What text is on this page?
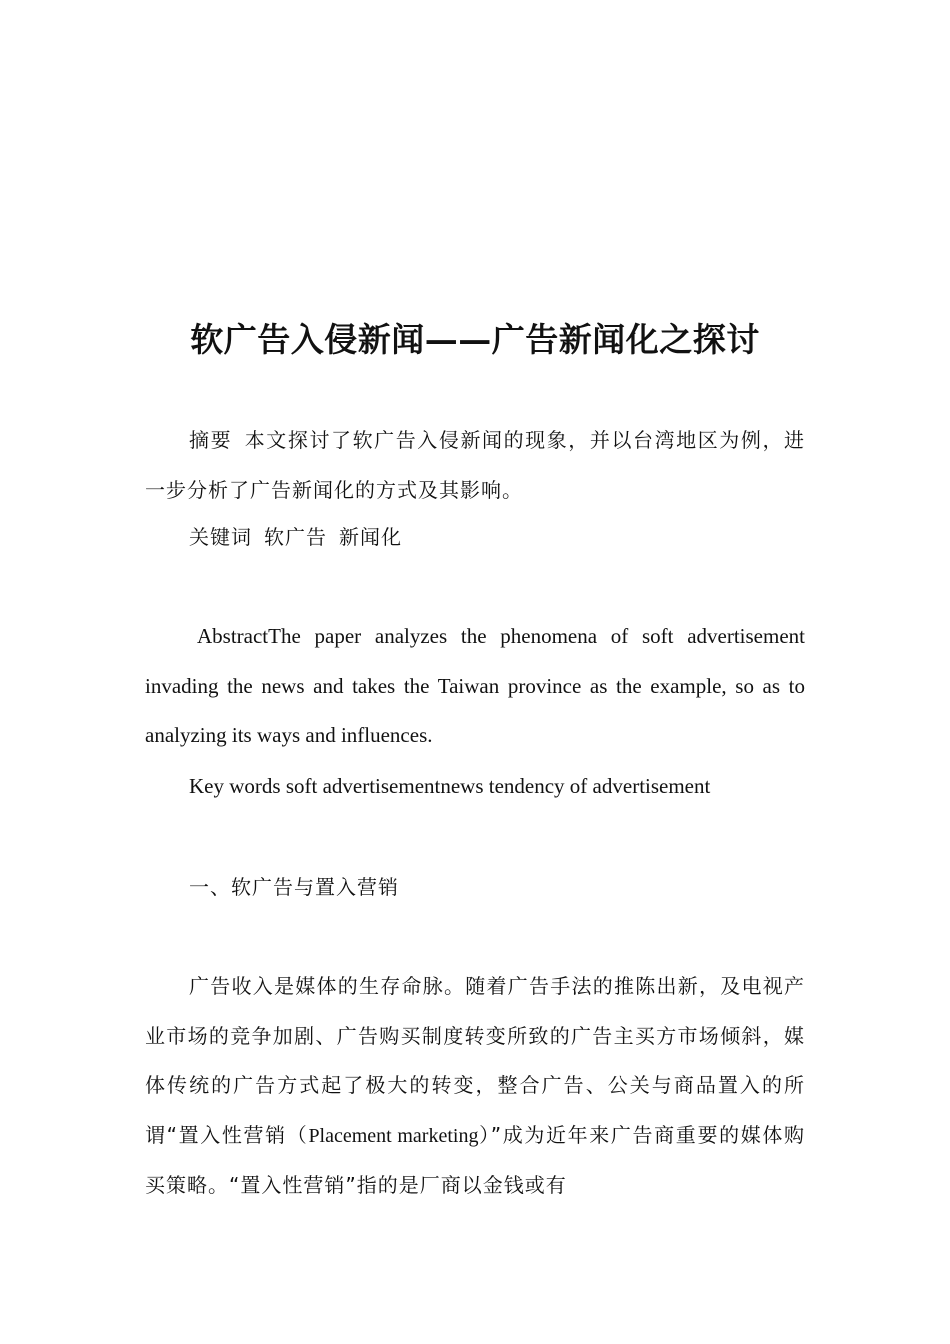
软广告入侵新闻——广告新闻化之探讨

摘要 本文探讨了软广告入侵新闻的现象，并以台湾地区为例，进一步分析了广告新闻化的方式及其影响。

关键词 软广告 新闻化

AbstractThe paper analyzes the phenomena of soft advertisement invading the news and takes the Taiwan province as the example, so as to analyzing its ways and influences.

Key words soft advertisementnews tendency of advertisement

一、软广告与置入营销

广告收入是媒体的生存命脉。随着广告手法的推陈出新，及电视产业市场的竞争加剧、广告购买制度转变所致的广告主买方市场倾斜，媒体传统的广告方式起了极大的转变，整合广告、公关与商品置入的所谓“置入性营销（Placement marketing）”成为近年来广告商重要的媒体购买策略。“置入性营销”指的是厂商以金钱或有
